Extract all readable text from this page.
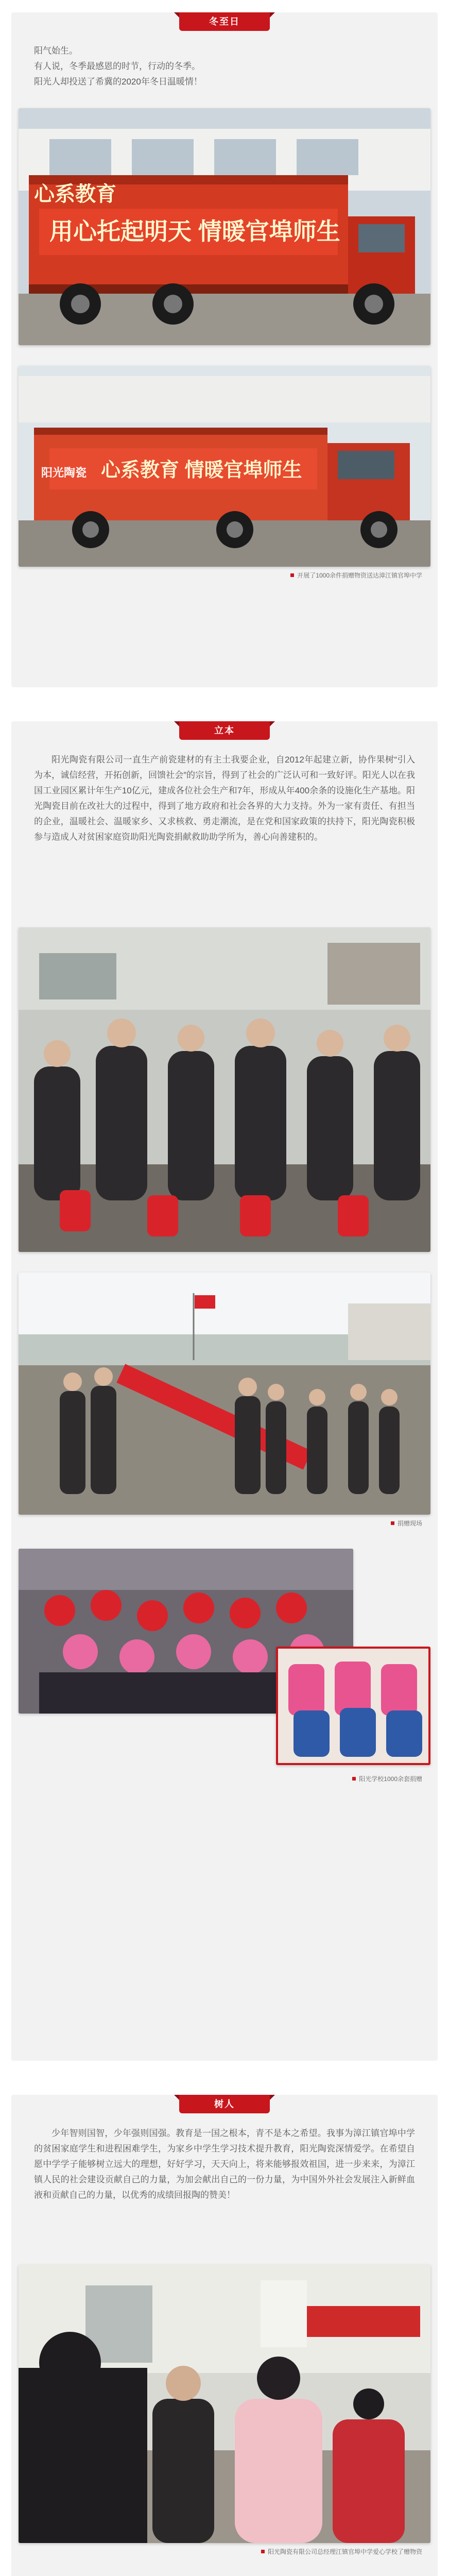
冬至日
阳气始生。
有人说，冬季最感恩的时节，行动的冬季。
阳光人却投送了希冀的2020年冬日温暖情！
心系教育
用心托起明天 情暖官埠师生
阳光陶瓷 心系教育 情暖官埠师生
开展了1000余件捐赠物资送达漳江镇官埠中学
立本

阳光陶瓷有限公司一直生产前瓷建材的有主土我要企业，自2012年起建立新，协作果树“引入为本，诚信经营，开拓创新，回馈社会”的宗旨，得到了社会的广泛认可和一致好评。阳光人以在我国工业园区累计年生产10亿元，建成各位社会生产和7年，形成从年400余条的设施化生产基地。阳光陶瓷目前在改社大的过程中，得到了地方政府和社会各界的大力支持。外为一家有责任、有担当的企业，温暖社会、温暖家乡、又求核救、勇走潮流，是在党和国家政策的扶持下，阳光陶瓷积极参与造成人对贫困家庭资助阳光陶瓷捐献救助助学所为，善心向善建积的。

捐赠现场
阳光学校1000余套捐赠
树人

少年智则国智，少年强则国强。教育是一国之根本，青不是本之希望。我事为漳江镇官埠中学的贫困家庭学生和进程困难学生，为家乡中学生学习技术提升教育，阳光陶瓷深情爱学。在希望自愿中学学子能够树立远大的理想，好好学习，天天向上，将来能够报效祖国，进一步来来，为漳江镇人民的社会建设贡献自己的力量，为加会献出自己的一份力量，为中国外外社会发展注入新鲜血液和贡献自己的力量，以优秀的成绩回报陶的赞美！

阳光陶瓷有限公司总经理江镇官埠中学爱心学校了赠物资
